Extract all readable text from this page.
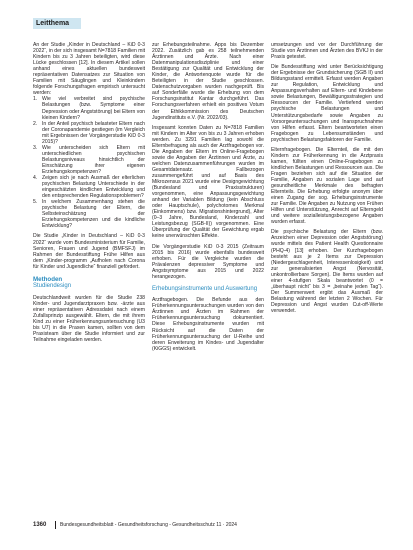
Leitthema

An der Studie „Kinder in Deutschland – KiD 0-3 2022“, in der sich insgesamt N=7818 Familien mit Kindern bis zu 3 Jahren beteiligten, wird diese Lücke geschlossen [12]. In diesem Artikel sollen anhand eines aktuellen bundesweit repräsentativen Datensatzes zur Situation von Familien mit Säuglingen und Kleinkindern folgende Forschungsfragen empirisch untersucht werden:

1. Wie viel verbreitet sind psychische Belastungen (bzw. Symptome einer Depression oder Angststörung) bei Eltern von kleinen Kindern?
2. In der Anteil psychisch belasteter Eltern nach der Coronapandemie gestiegen (im Vergleich mit Ergebnissen der Vorgängerstudie KiD 0-3 2015)?
3. Wie unterscheiden sich Eltern mit unterschiedlichen psychischen Belastungsniveaus hinsichtlich der Einschätzung ihrer eigenen Erziehungskompetenzen?
4. Zeigen sich je nach Ausmaß der elterlichen psychischen Belastung Unterschiede in der eingeschätzten kindlichen Entwicklung und den entsprechenden Regulationsproblemen?
5. In welchem Zusammenhang stehen die psychische Belastung der Eltern, die Selbsteinschätzung der Erziehungskompetenzen und die kindliche Entwicklung?

Die Studie „Kinder in Deutschland – KiD 0-3 2022“ wurde vom Bundesministerium für Familie, Senioren, Frauen und Jugend (BMFSFJ) im Rahmen der Bundesstiftung Frühe Hilfen aus dem „Kinder-programm „Aufholen nach Corona für Kinder und Jugendliche“ finanziell gefördert.

Methoden
Studiendesign

Deutschlandweit wurden für die Studie 238 Kinder- und Jugendarztpraxen bzw. -ärzte aus einer repräsentativen Adressdatei nach einem Zufallsprinzip ausgewählt. Eltern, die mit ihrem Kind zu einer Früherkennungsuntersuchung (U3 bis U7) in die Praxen kamen, sollten von dem Praxisteam über die Studie informiert und zur Teilnahme eingeladen werden.

zur Erhebungsteilnahme. Apps bis Dezember 2022. Zusätzlich gab es 258 teilnehmenden Ärztinnen und Ärzte. Nach einer Datenmanipulationsdisziplinie und einer Bestätigung zur Qualität und Entwicklung der Kinder, die Antwortenquote wurde für die Beteiligten in der Studie geschlossen. Datenschutzvorgaben wurden nachgeprüft. Bis auf Sonderfälle wurde die Erhebung von dem Forschungsinstitut Kantar durchgeführt. Das Forschungsverfahren erhielt ein positives Votum der Ethikkommission des Deutschen Jugendinstituts e.V. (Nr. 2022/03).

Insgesamt konnten Daten zu N=7818 Familien mit Kindern im Alter von bis zu 3 Jahren erhoben werden. Zu 3291 Familien lag sowohl die Elternbefragung als auch der Arztfragebogen vor. Die Angaben der Eltern im Online-Fragebogen sowie die Angaben der Ärztinnen und Ärzte, zu welchen Datenzusammenführungen wurden im Gesamtdatensatz. Fallbezogen zusammengeführt und auf Basis des Mikrozensus 2021 wurde eine Designgewichtung (Bundesland und Praxisstrukturen) vorgenommen, eine Anpassungsgewichtung anhand der Variablen Bildung (kein Abschluss oder Hauptschule), polychotomes Merkmal (Einkommens) bzw. Migrationshintergrund), Alter (0–3 Jahre, Bundesland, Kinderzahl und Leistungsbezug (SGB-II)) vorgenommen. Eine Überprüfung der Qualität der Gewichtung ergab keine unerwünschten Effekte.

Die Vorgängerstudie KiD 0-3 2015 (Zeitraum 2015 bis 2016) wurde ebenfalls bundesweit erhoben. Für die Vergleiche wurden die Prävalenzen depressiver Symptome und Angstsymptome aus 2015 und 2022 herangezogen.

Erhebungsinstrumente und Auswertung

Arztfragebogen. Die Befunde aus den Früherkennungsuntersuchungen wurden von den Ärztinnen und Ärzten im Rahmen der Früherkennungsuntersuchung dokumentiert. Diese Erhebungsinstrumente wurden mit Rücksicht auf die Daten der Früherkennungsuntersuchung der U-Reihe und deren Erweiterung im Kindes- und Jugendalter (KiGGS) entwickelt.

umsetzungen und vor der Durchführung der Studie von Ärztinnen und Ärzten des BVKJ in der Praxis getestet.

Die Bundesstiftung wird unter Berücksichtigung der Ergebnisse der Grundsicherung (SGB II) und Bildungsstand ermittelt. Erfasst werden Angaben zur Regulation, Entwicklung und Anpassungsverhalten auf Eltern- und Kindebene sowie Belastungen, Bewältigungsstrategien und Ressourcen der Familie. Vertiefend werden psychische Belastungen und Unterstützungsbedarfe sowie Angaben zu Vorsorgeuntersuchungen und Inanspruchnahme von Hilfen erfasst. Eltern beantworteten einen Fragebogen zu Lebensumständen und psychischen Belastungsfaktoren der Familie.

Elternfragebogen. Die Elternteil, die mit den Kindern zur Früherkennung in die Arztpraxis kamen, füllten einen Online-Fragebogen zu kindlichen Belastungen und Ressourcen aus. Die Fragen beziehen sich auf die Situation der Familie, Angaben zu sozialen Lage und auf gesundheitliche Merkmale des befragten Elternteils. Die Erhebung erfolgte anonym über einen Zugang der sog. Erhebungsinstrumente zur Familie. Die Angaben zu Nutzung von Frühen Hilfen und Unterstützung, Anrecht auf Elterngeld und weitere sozialleistungsbezogene Angaben wurden erfasst.

Die psychische Belastung der Eltern (bzw. Anzeichen einer Depression oder Angststörung) wurde mittels des Patient Health Questionnaire (PHQ-4) [13] erhoben. Der Kurzfragebogen besteht aus je 2 Items zur Depression (Niedergeschlagenheit, Interessenlosigkeit) und zur generalisierten Angst (Nervosität, unkontrollierbare Sorgen). Die Items wurden auf einer 4-stufigen Skala beantwortet (0 = „überhaupt nicht“ bis 3 = „beinahe jeden Tag“). Der Summenwert ergibt das Ausmaß der Belastung während der letzten 2 Wochen. Für Depression und Angst wurden Cut-off-Werte verwendet.

1360	Bundesgesundheitsblatt - Gesundheitsforschung - Gesundheitsschutz 11 · 2024
